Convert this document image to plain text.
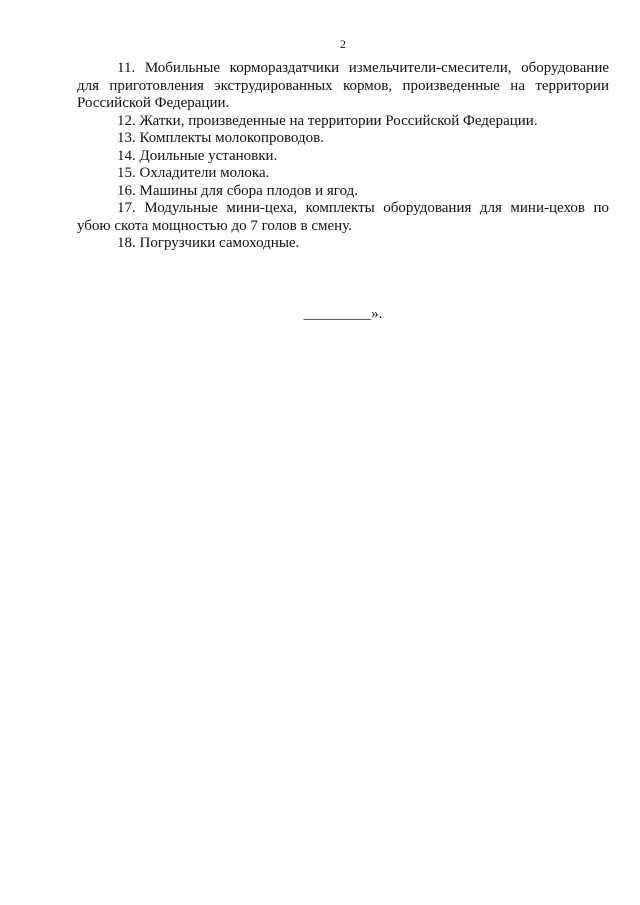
2
11. Мобильные кормораздатчики измельчители-смесители, оборудование
для приготовления экструдированных кормов, произведенные на территории
Российской Федерации.
12. Жатки, произведенные на территории Российской Федерации.
13. Комплекты молокопроводов.
14. Доильные установки.
15. Охладители молока.
16. Машины для сбора плодов и ягод.
17. Модульные мини-цеха, комплекты оборудования для мини-цехов по
убою скота мощностью до 7 голов в смену.
18. Погрузчики самоходные.
_________».
